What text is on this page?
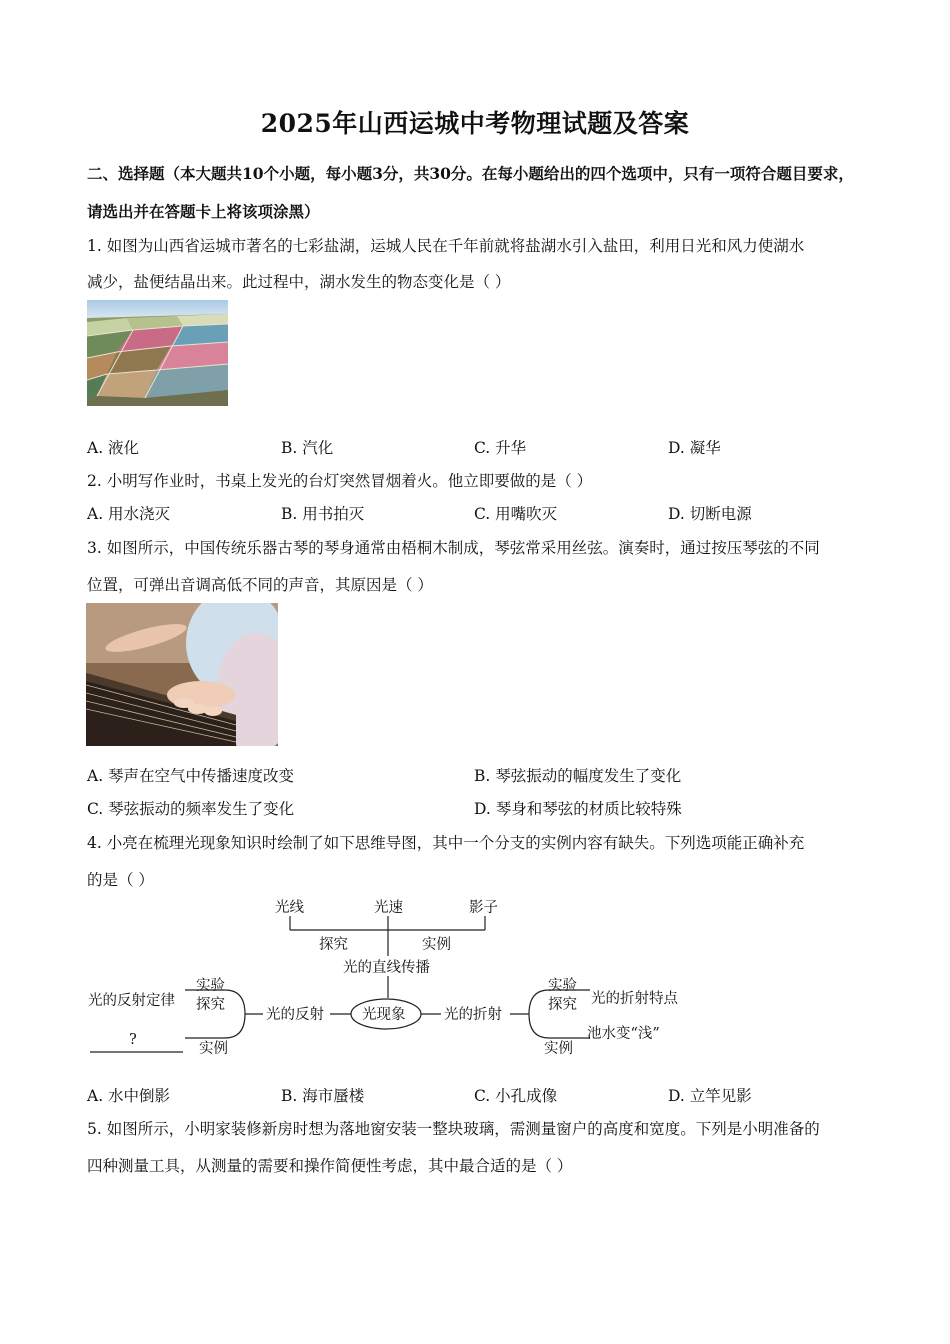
2025年山西运城中考物理试题及答案
二、选择题（本大题共10个小题，每小题3分，共30分。在每小题给出的四个选项中，只有一项符合题目要求，
请选出并在答题卡上将该项涂黑）
1. 如图为山西省运城市著名的七彩盐湖，运城人民在千年前就将盐湖水引入盐田，利用日光和风力使湖水
减少，盐便结晶出来。此过程中，湖水发生的物态变化是（ ）
A. 液化	B. 汽化	C. 升华	D. 凝华
2. 小明写作业时，书桌上发光的台灯突然冒烟着火。他立即要做的是（ ）
A. 用水浇灭	B. 用书拍灭	C. 用嘴吹灭	D. 切断电源
3. 如图所示，中国传统乐器古琴的琴身通常由梧桐木制成，琴弦常采用丝弦。演奏时，通过按压琴弦的不同
位置，可弹出音调高低不同的声音，其原因是（ ）
A. 琴声在空气中传播速度改变	B. 琴弦振动的幅度发生了变化
C. 琴弦振动的频率发生了变化	D. 琴身和琴弦的材质比较特殊
4. 小亮在梳理光现象知识时绘制了如下思维导图，其中一个分支的实例内容有缺失。下列选项能正确补充
的是（ ）
光线	光速	影子
探究	实例
光的直线传播
光现象
光的反射	光的折射
实验
探究
实例
光的反射定律
?
实验
探究
实例
光的折射特点
池水变“浅”
A. 水中倒影	B. 海市蜃楼	C. 小孔成像	D. 立竿见影
5. 如图所示，小明家装修新房时想为落地窗安装一整块玻璃，需测量窗户的高度和宽度。下列是小明准备的
四种测量工具，从测量的需要和操作简便性考虑，其中最合适的是（ ）
